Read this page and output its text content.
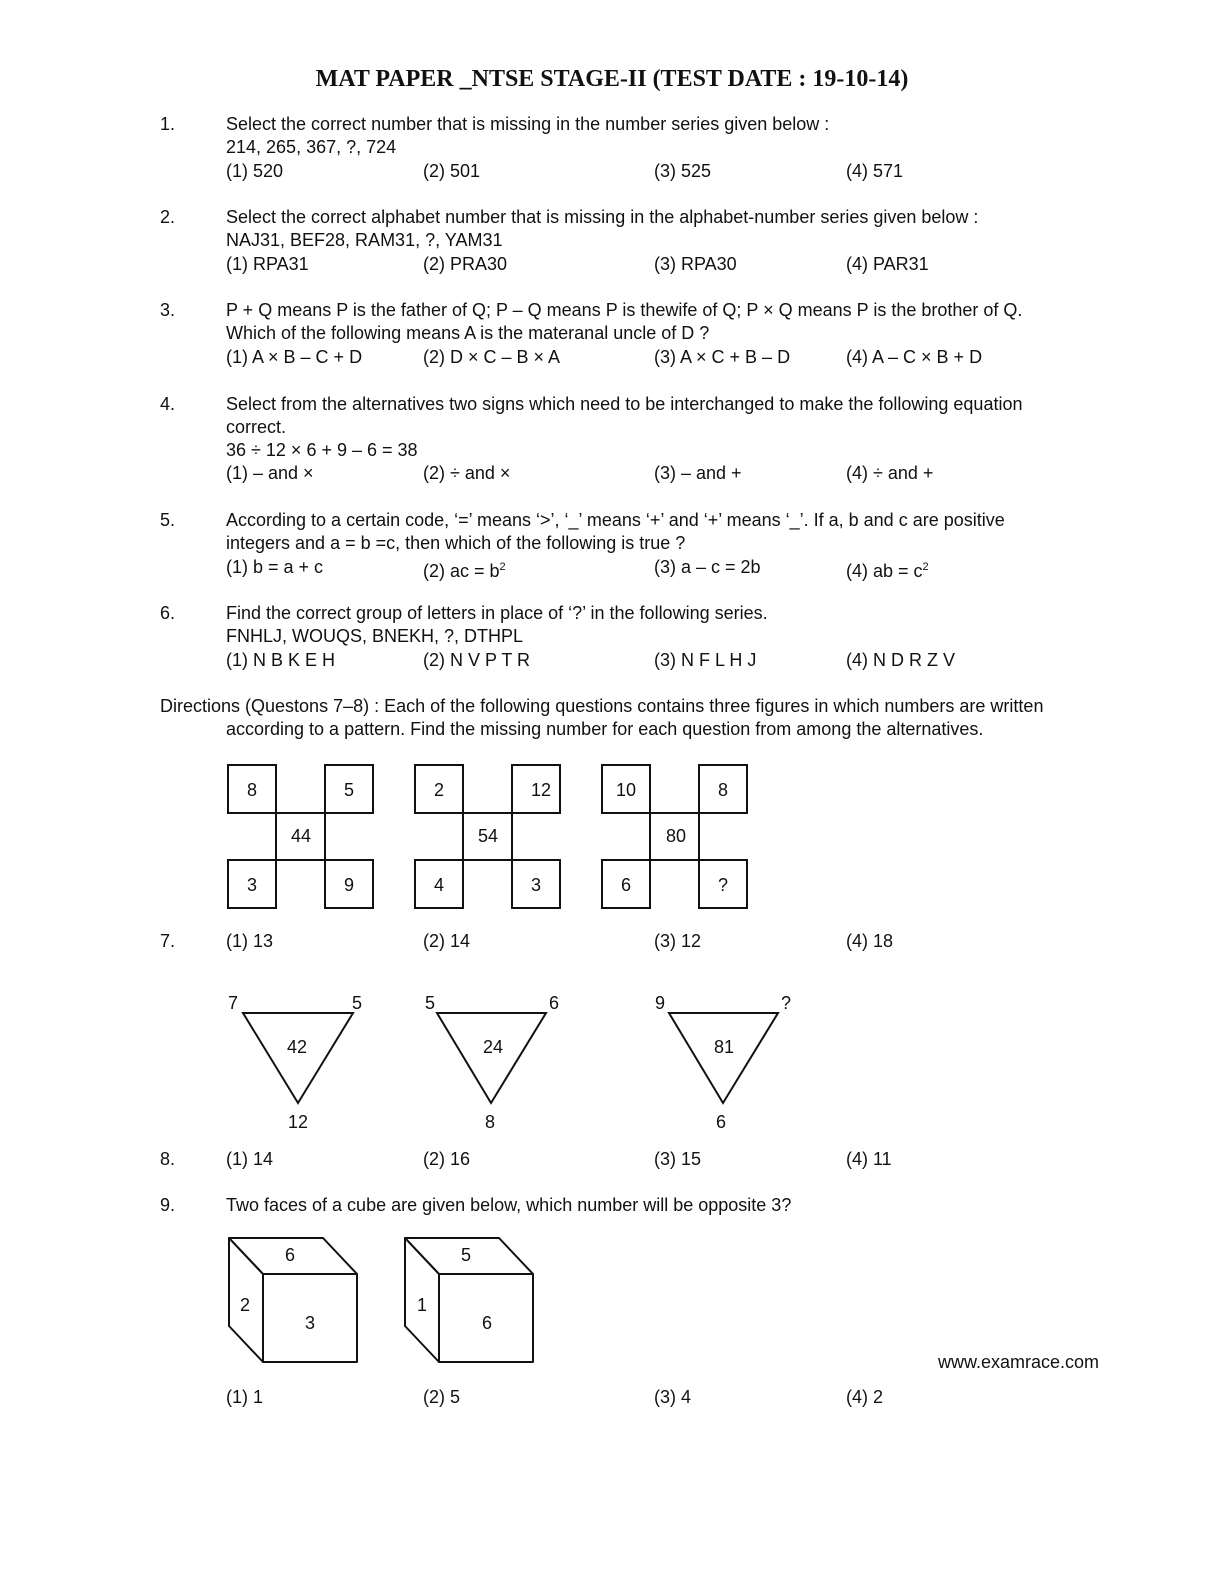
MAT PAPER _NTSE STAGE-II (TEST DATE : 19-10-14)
1.	Select the correct number that is missing in the number series given below :
214, 265, 367, ?, 724
(1) 520	(2) 501	(3) 525	(4) 571
2.	Select the correct alphabet number that is missing in the alphabet-number series given below :
NAJ31, BEF28, RAM31, ?, YAM31
(1) RPA31	(2) PRA30	(3) RPA30	(4) PAR31
3.	P + Q means P is the father of Q; P – Q means P is thewife of Q; P × Q means P is the brother of Q.
Which of the following means A is the materanal uncle of D ?
(1) A × B – C + D	(2) D × C – B × A	(3) A × C + B – D	(4) A – C × B + D
4.	Select from the alternatives two signs which need to be interchanged to make the following equation
correct.
36 ÷ 12 × 6 + 9 – 6 = 38
(1) – and ×	(2) ÷ and ×	(3) – and +	(4) ÷ and +
5.	According to a certain code, ‘=’ means ‘>’, ‘_’ means ‘+’ and ‘+’ means ‘_’. If a, b and c are positive
integers and a = b =c, then which of the following is true ?
(1) b = a + c	(2) ac = $b^2$	(3) a – c = 2b	(4) ab = $c^2$
6.	Find the correct group of letters in place of ‘?’ in the following series.
FNHLJ, WOUQS, BNEKH, ?, DTHPL
(1) N B K E H	(2) N V P T R	(3) N F L H J	(4) N D R Z V
Directions (Questons 7–8) : Each of the following questions contains three figures in which numbers are written
according to a pattern. Find the missing number for each question from among the alternatives.
8	5
44
3	9
2	12
54
4	3
10	8
80
6	?
7.	(1) 13	(2) 14	(3) 12	(4) 18
7	5
42
12
5	6
24
8
9	?
81
6
8.	(1) 14	(2) 16	(3) 15	(4) 11
9.	Two faces of a cube are given below, which number will be opposite 3?
6
2
3
5
1
6
www.examrace.com
(1) 1	(2) 5	(3) 4	(4) 2
